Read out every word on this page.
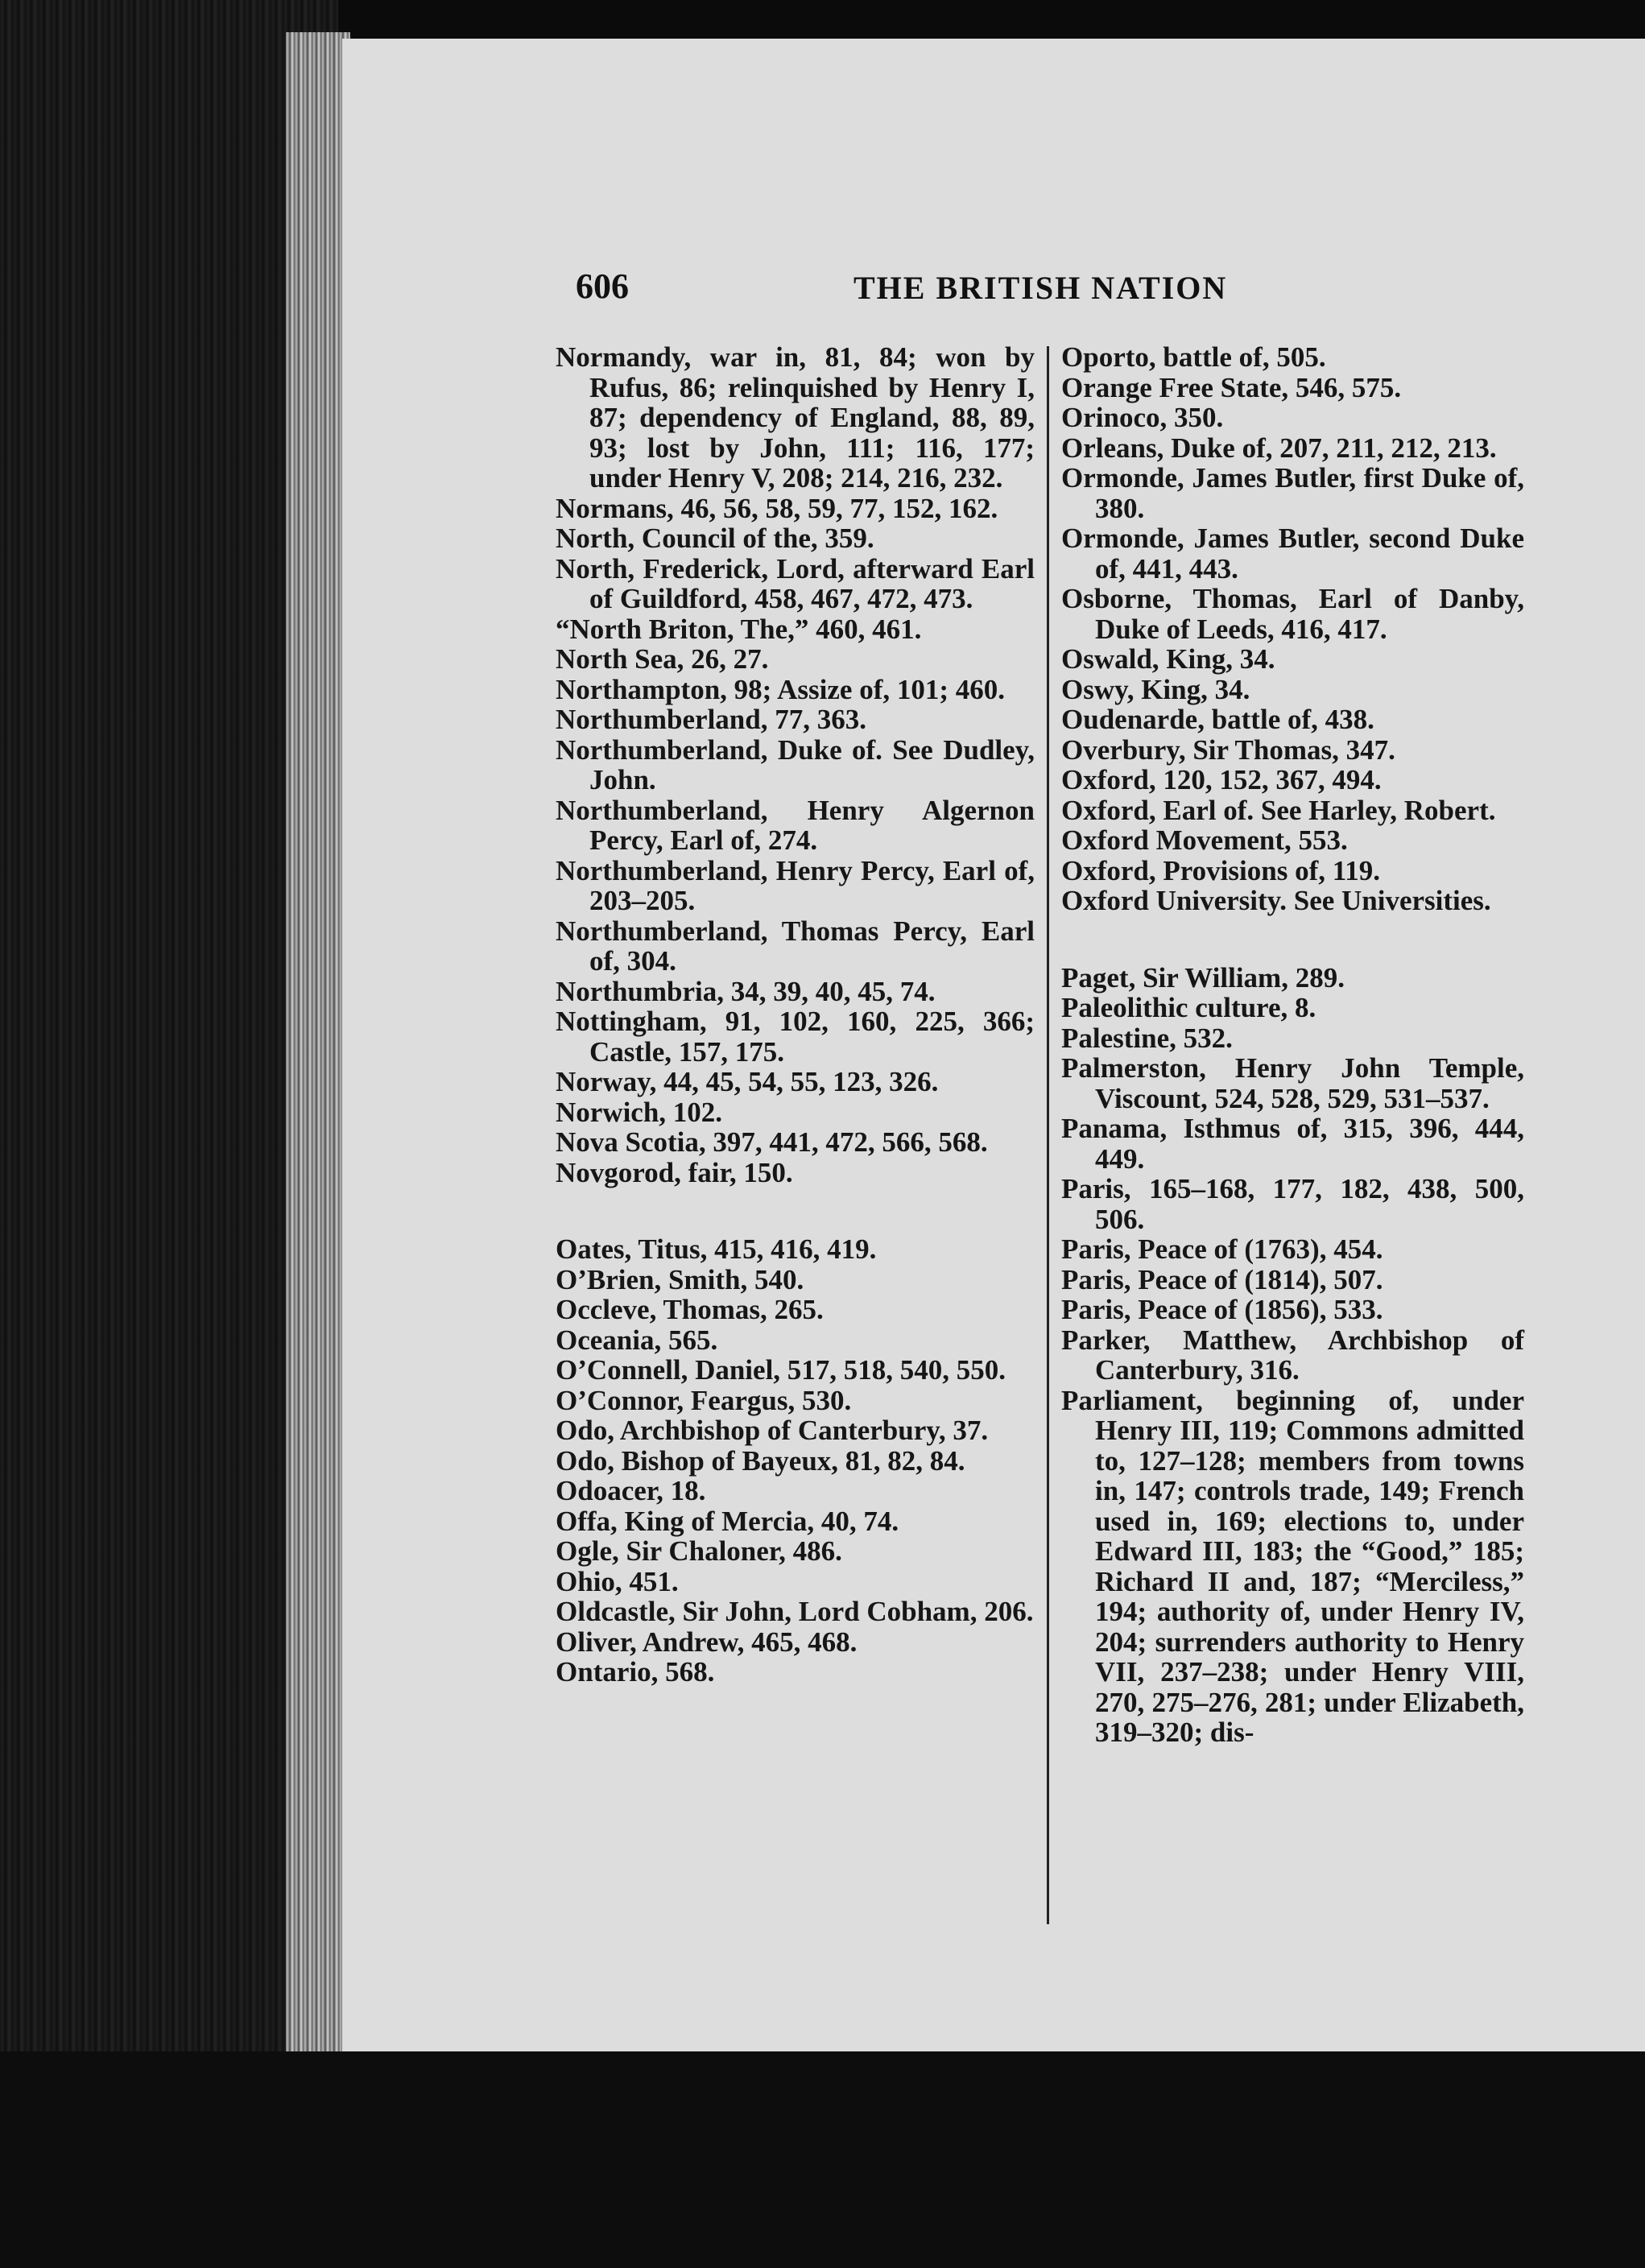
606	THE BRITISH NATION
Normandy, war in, 81, 84; won by Rufus, 86; relinquished by Henry I, 87; dependency of England, 88, 89, 93; lost by John, 111; 116, 177; under Henry V, 208; 214, 216, 232.
Normans, 46, 56, 58, 59, 77, 152, 162.
North, Council of the, 359.
North, Frederick, Lord, afterward Earl of Guildford, 458, 467, 472, 473.
“North Briton, The,” 460, 461.
North Sea, 26, 27.
Northampton, 98; Assize of, 101; 460.
Northumberland, 77, 363.
Northumberland, Duke of. See Dudley, John.
Northumberland, Henry Algernon Percy, Earl of, 274.
Northumberland, Henry Percy, Earl of, 203–205.
Northumberland, Thomas Percy, Earl of, 304.
Northumbria, 34, 39, 40, 45, 74.
Nottingham, 91, 102, 160, 225, 366; Castle, 157, 175.
Norway, 44, 45, 54, 55, 123, 326.
Norwich, 102.
Nova Scotia, 397, 441, 472, 566, 568.
Novgorod, fair, 150.
Oates, Titus, 415, 416, 419.
O’Brien, Smith, 540.
Occleve, Thomas, 265.
Oceania, 565.
O’Connell, Daniel, 517, 518, 540, 550.
O’Connor, Feargus, 530.
Odo, Archbishop of Canterbury, 37.
Odo, Bishop of Bayeux, 81, 82, 84.
Odoacer, 18.
Offa, King of Mercia, 40, 74.
Ogle, Sir Chaloner, 486.
Ohio, 451.
Oldcastle, Sir John, Lord Cobham, 206.
Oliver, Andrew, 465, 468.
Ontario, 568.
Oporto, battle of, 505.
Orange Free State, 546, 575.
Orinoco, 350.
Orleans, Duke of, 207, 211, 212, 213.
Ormonde, James Butler, first Duke of, 380.
Ormonde, James Butler, second Duke of, 441, 443.
Osborne, Thomas, Earl of Danby, Duke of Leeds, 416, 417.
Oswald, King, 34.
Oswy, King, 34.
Oudenarde, battle of, 438.
Overbury, Sir Thomas, 347.
Oxford, 120, 152, 367, 494.
Oxford, Earl of. See Harley, Robert.
Oxford Movement, 553.
Oxford, Provisions of, 119.
Oxford University. See Universities.
Paget, Sir William, 289.
Paleolithic culture, 8.
Palestine, 532.
Palmerston, Henry John Temple, Viscount, 524, 528, 529, 531–537.
Panama, Isthmus of, 315, 396, 444, 449.
Paris, 165–168, 177, 182, 438, 500, 506.
Paris, Peace of (1763), 454.
Paris, Peace of (1814), 507.
Paris, Peace of (1856), 533.
Parker, Matthew, Archbishop of Canterbury, 316.
Parliament, beginning of, under Henry III, 119; Commons admitted to, 127–128; members from towns in, 147; controls trade, 149; French used in, 169; elections to, under Edward III, 183; the “Good,” 185; Richard II and, 187; “Merciless,” 194; authority of, under Henry IV, 204; surrenders authority to Henry VII, 237–238; under Henry VIII, 270, 275–276, 281; under Elizabeth, 319–320; dis-
